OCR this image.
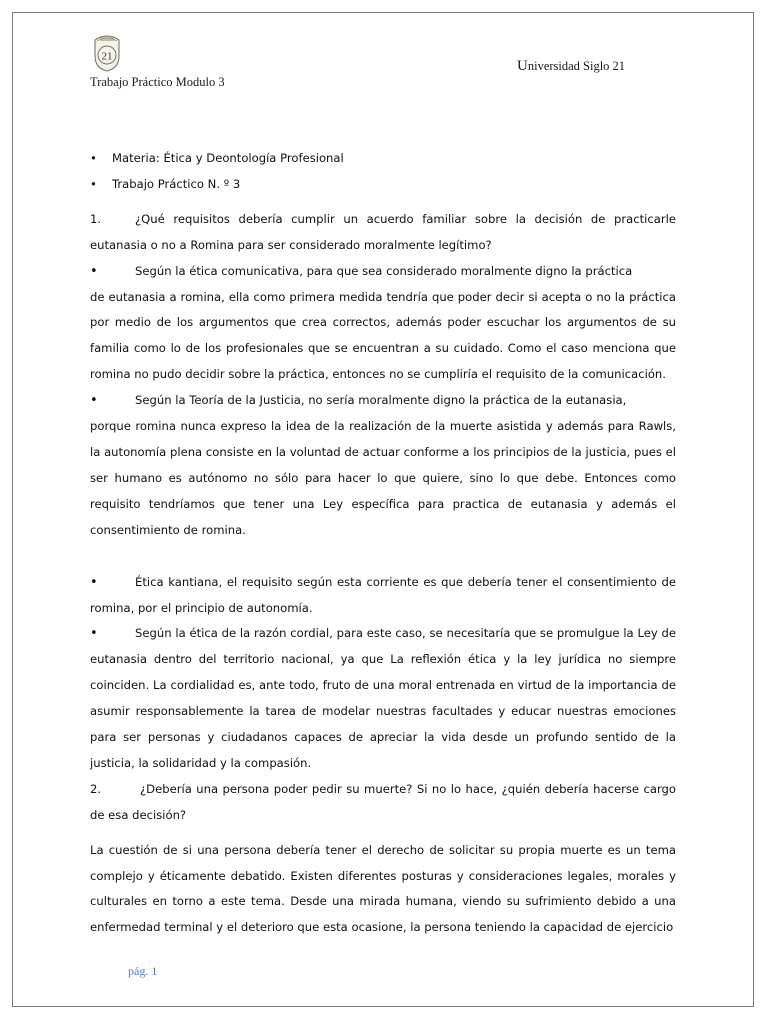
21
Trabajo Práctico Modulo 3
Universidad Siglo 21

• Materia: Ética y Deontología Profesional

• Trabajo Práctico N. º 3

1.	¿Qué requisitos debería cumplir un acuerdo familiar sobre la decisión de practicarle eutanasia o no a Romina para ser considerado moralmente legítimo?

•	Según la ética comunicativa, para que sea considerado moralmente digno la práctica

de eutanasia a romina, ella como primera medida tendría que poder decir si acepta o no la práctica por medio de los argumentos que crea correctos, además poder escuchar los argumentos de su familia como lo de los profesionales que se encuentran a su cuidado. Como el caso menciona que romina no pudo decidir sobre la práctica, entonces no se cumpliría el requisito de la comunicación.

•	Según la Teoría de la Justicia, no sería moralmente digno la práctica de la eutanasia,

porque romina nunca expreso la idea de la realización de la muerte asistida y además para Rawls, la autonomía plena consiste en la voluntad de actuar conforme a los principios de la justicia, pues el ser humano es autónomo no sólo para hacer lo que quiere, sino lo que debe. Entonces como requisito tendríamos que tener una Ley específica para practica de eutanasia y además el consentimiento de romina.

•	Ética kantiana, el requisito según esta corriente es que debería tener el consentimiento de romina, por el principio de autonomía.

•	Según la ética de la razón cordial, para este caso, se necesitaría que se promulgue la Ley de eutanasia dentro del territorio nacional, ya que La reflexión ética y la ley jurídica no siempre coinciden. La cordialidad es, ante todo, fruto de una moral entrenada en virtud de la importancia de asumir responsablemente la tarea de modelar nuestras facultades y educar nuestras emociones para ser personas y ciudadanos capaces de apreciar la vida desde un profundo sentido de la justicia, la solidaridad y la compasión.

2.	¿Debería una persona poder pedir su muerte? Si no lo hace, ¿quién debería hacerse cargo de esa decisión?

La cuestión de si una persona debería tener el derecho de solicitar su propia muerte es un tema complejo y éticamente debatido. Existen diferentes posturas y consideraciones legales, morales y culturales en torno a este tema. Desde una mirada humana, viendo su sufrimiento debido a una enfermedad terminal y el deterioro que esta ocasione, la persona teniendo la capacidad de ejercicio

pág. 1
